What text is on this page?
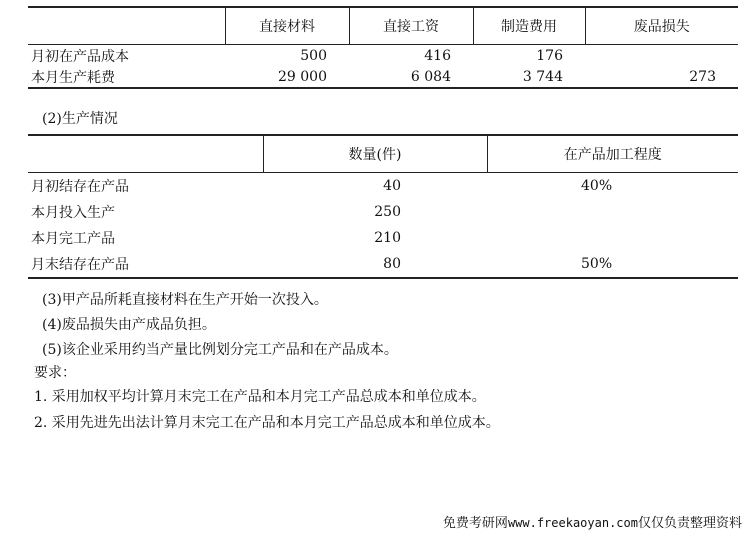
	直接材料	直接工资	制造费用	废品损失
月初在产品成本	500	416	176	
本月生产耗费	29 000	6 084	3 744	273
(2)生产情况
	数量(件)	在产品加工程度
月初结存在产品	40	40%
本月投入生产	250	
本月完工产品	210	
月末结存在产品	80	50%
(3)甲产品所耗直接材料在生产开始一次投入。
(4)废品损失由产成品负担。
(5)该企业采用约当产量比例划分完工产品和在产品成本。
要求：
1. 采用加权平均计算月末完工在产品和本月完工产品总成本和单位成本。
2. 采用先进先出法计算月末完工在产品和本月完工产品总成本和单位成本。
免费考研网www.freekaoyan.com仅仅负责整理资料
